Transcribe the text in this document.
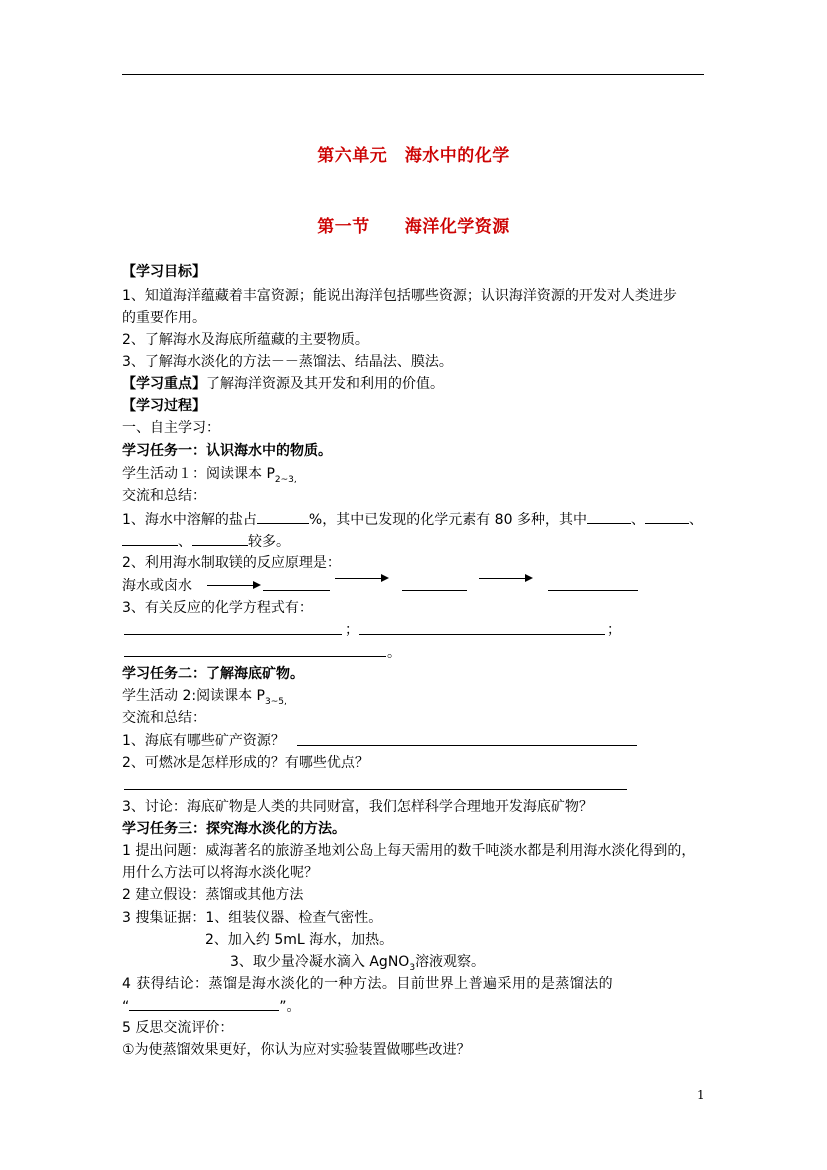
第六单元　海水中的化学
第一节　　海洋化学资源
【学习目标】
1、知道海洋蕴藏着丰富资源；能说出海洋包括哪些资源；认识海洋资源的开发对人类进步
的重要作用。
2、了解海水及海底所蕴藏的主要物质。
3、了解海水淡化的方法－－蒸馏法、结晶法、膜法。
【学习重点】了解海洋资源及其开发和利用的价值。
【学习过程】
一、自主学习：
学习任务一：认识海水中的物质。
学生活动１：阅读课本 $P_{2\sim 3,}$
交流和总结：
1、海水中溶解的盐占	%，其中已发现的化学元素有 80 多种，其中	、	、
、	较多。
2、利用海水制取镁的反应原理是：
海水或卤水
3、有关反应的化学方程式有：
；	；
。
学习任务二：了解海底矿物。
学生活动 2:阅读课本 $P_{3\sim 5,}$
交流和总结：
1、海底有哪些矿产资源？
2、可燃冰是怎样形成的？有哪些优点？
3、讨论：海底矿物是人类的共同财富，我们怎样科学合理地开发海底矿物？
学习任务三：探究海水淡化的方法。
1 提出问题：威海著名的旅游圣地刘公岛上每天需用的数千吨淡水都是利用海水淡化得到的，
用什么方法可以将海水淡化呢？
2 建立假设：蒸馏或其他方法
3 搜集证据：1、组装仪器、检查气密性。
2、加入约 5mL 海水，加热。
3、取少量冷凝水滴入 AgNO$_3$溶液观察。
4 获得结论：蒸馏是海水淡化的一种方法。目前世界上普遍采用的是蒸馏法的
“	”。
5 反思交流评价：
①为使蒸馏效果更好，你认为应对实验装置做哪些改进？
1
